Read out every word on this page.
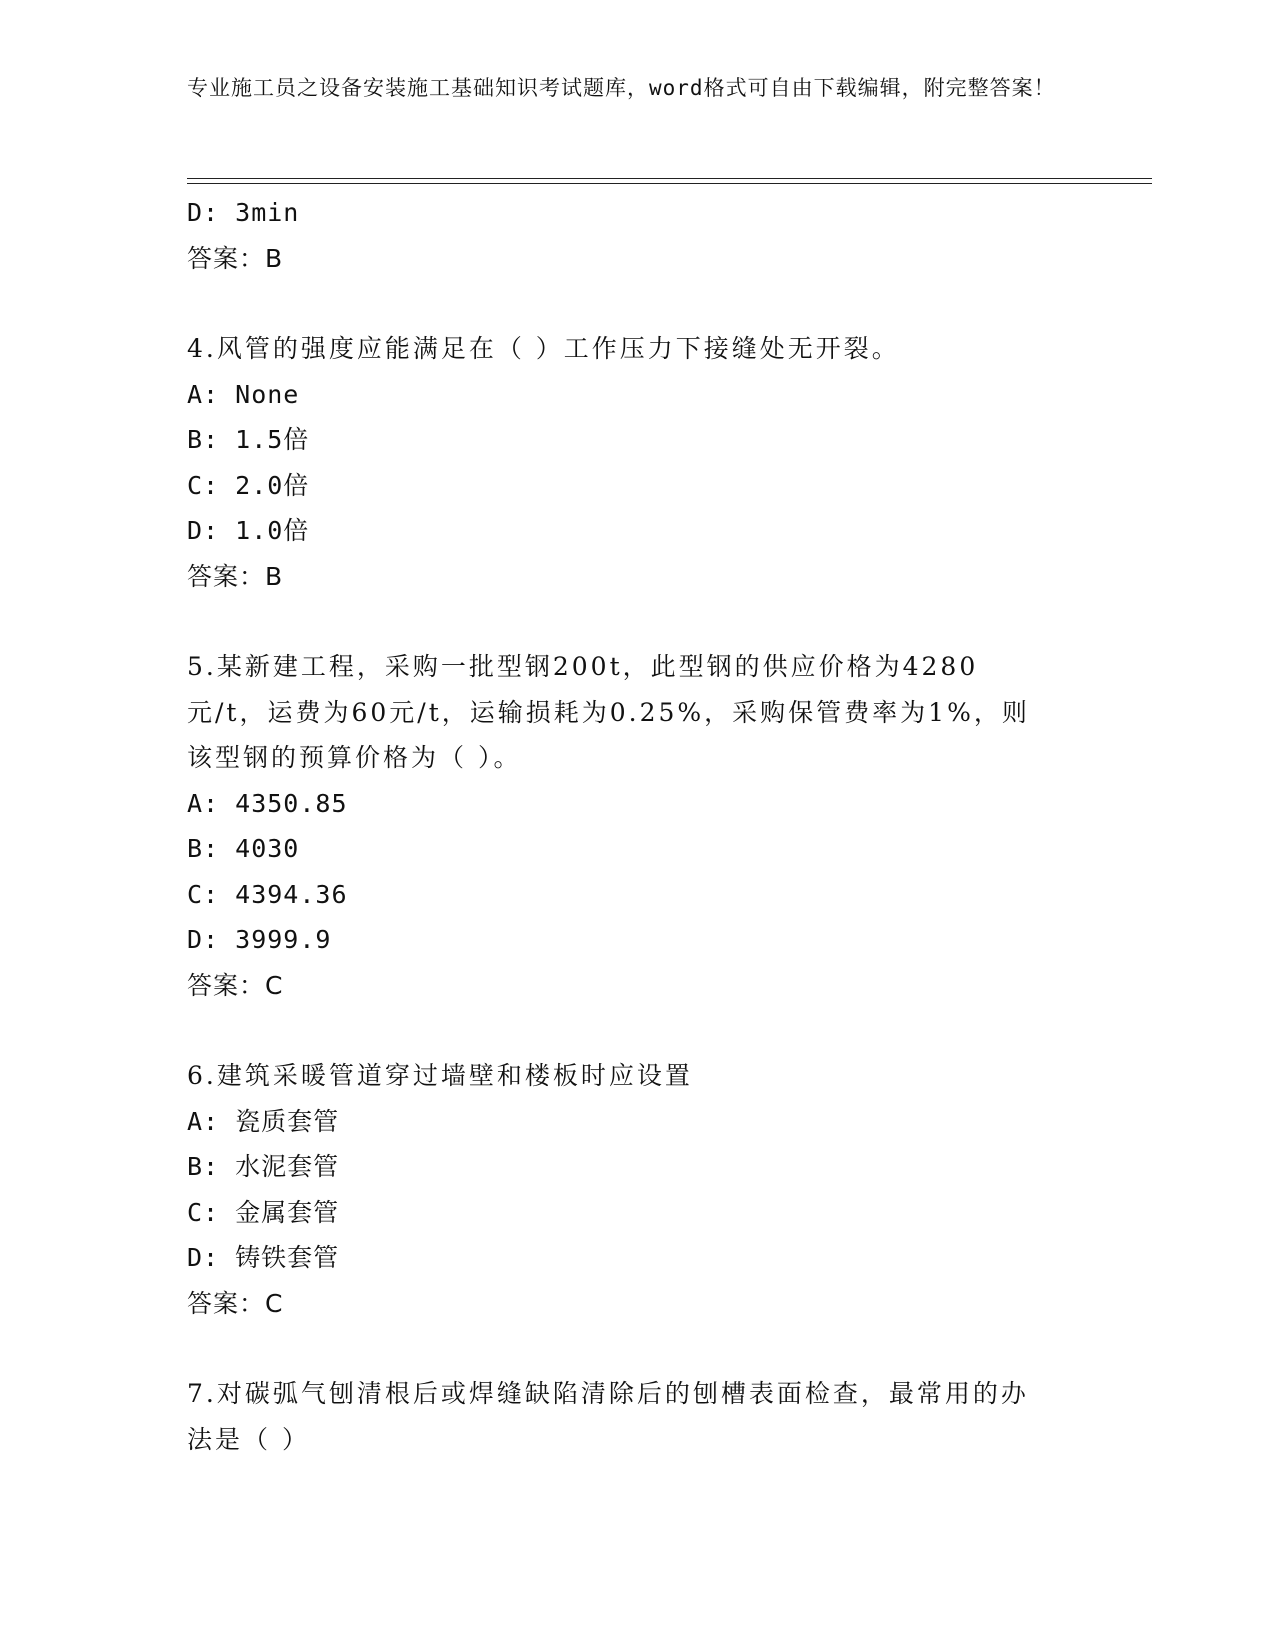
专业施工员之设备安装施工基础知识考试题库，word格式可自由下载编辑，附完整答案！
D: 3min
答案：B
4.风管的强度应能满足在（ ）工作压力下接缝处无开裂。
A: None
B: 1.5倍
C: 2.0倍
D: 1.0倍
答案：B
5.某新建工程，采购一批型钢200t，此型钢的供应价格为4280元/t，运费为60元/t，运输损耗为0.25%，采购保管费率为1%，则该型钢的预算价格为（ ）。
A: 4350.85
B: 4030
C: 4394.36
D: 3999.9
答案：C
6.建筑采暖管道穿过墙壁和楼板时应设置
A: 瓷质套管
B: 水泥套管
C: 金属套管
D: 铸铁套管
答案：C
7.对碳弧气刨清根后或焊缝缺陷清除后的刨槽表面检查，最常用的办法是（ ）
